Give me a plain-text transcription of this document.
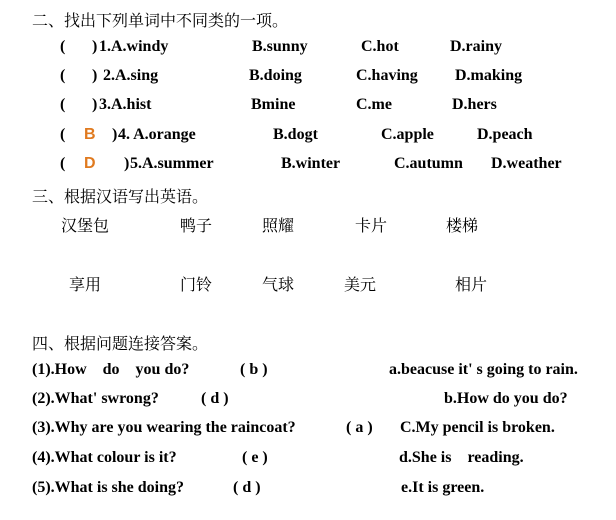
二、找出下列单词中不同类的一项。
( ) 1.A.windy	B.sunny	C.hot	D.rainy
( ) 2.A.sing	B.doing	C.having D.making
( ) 3.A.hist	Bmine	C.me	D.hers
( B ) 4. A.orange	B.dogt	C.apple	D.peach
( D ) 5.A.summer	B.winter	C.autumn D.weather
三、根据汉语写出英语。
汉堡包	鸭子	照耀	卡片	楼梯
享用	门铃	气球	美元	相片
四、根据问题连接答案。
(1).How    do    you do?	( b )	a.beacuse it' s going to rain.
(2).What' swrong?	( d )	b.How do you do?
(3).Why are you wearing the raincoat?	( a ) C.My pencil is broken.
(4).What colour is it?	( e )	d.She is    reading.
(5).What is she doing?	( d )	e.It is green.
